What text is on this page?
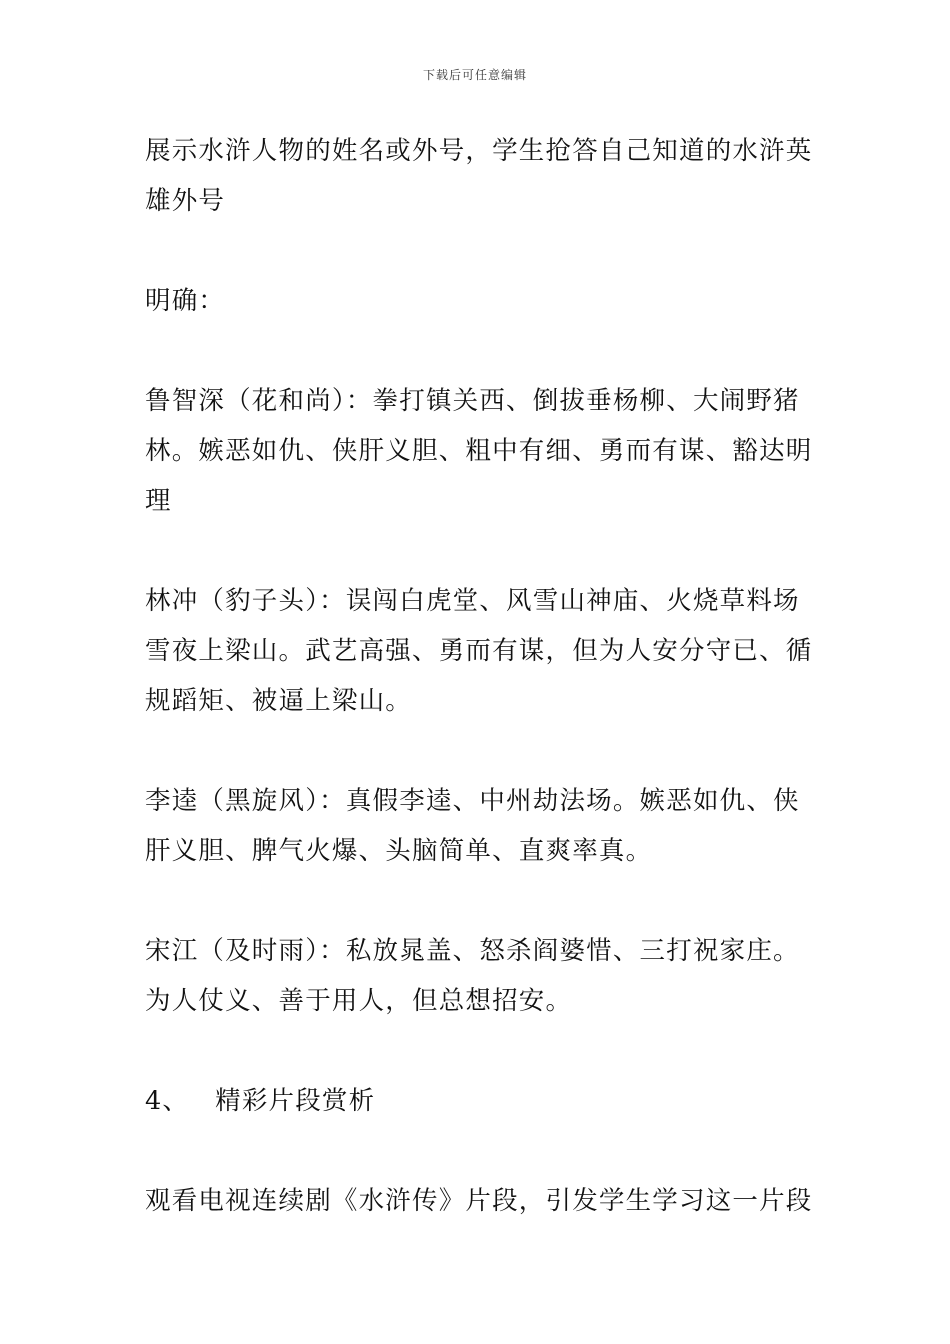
下载后可任意编辑
展示水浒人物的姓名或外号，学生抢答自己知道的水浒英
雄外号
明确：
鲁智深（花和尚）：拳打镇关西、倒拔垂杨柳、大闹野猪
林。嫉恶如仇、侠肝义胆、粗中有细、勇而有谋、豁达明
理
林冲（豹子头）：误闯白虎堂、风雪山神庙、火烧草料场
雪夜上梁山。武艺高强、勇而有谋，但为人安分守已、循
规蹈矩、被逼上梁山。
李逵（黑旋风）：真假李逵、中州劫法场。嫉恶如仇、侠
肝义胆、脾气火爆、头脑简单、直爽率真。
宋江（及时雨）：私放晁盖、怒杀阎婆惜、三打祝家庄。
为人仗义、善于用人，但总想招安。
4、 精彩片段赏析
观看电视连续剧《水浒传》片段，引发学生学习这一片段
